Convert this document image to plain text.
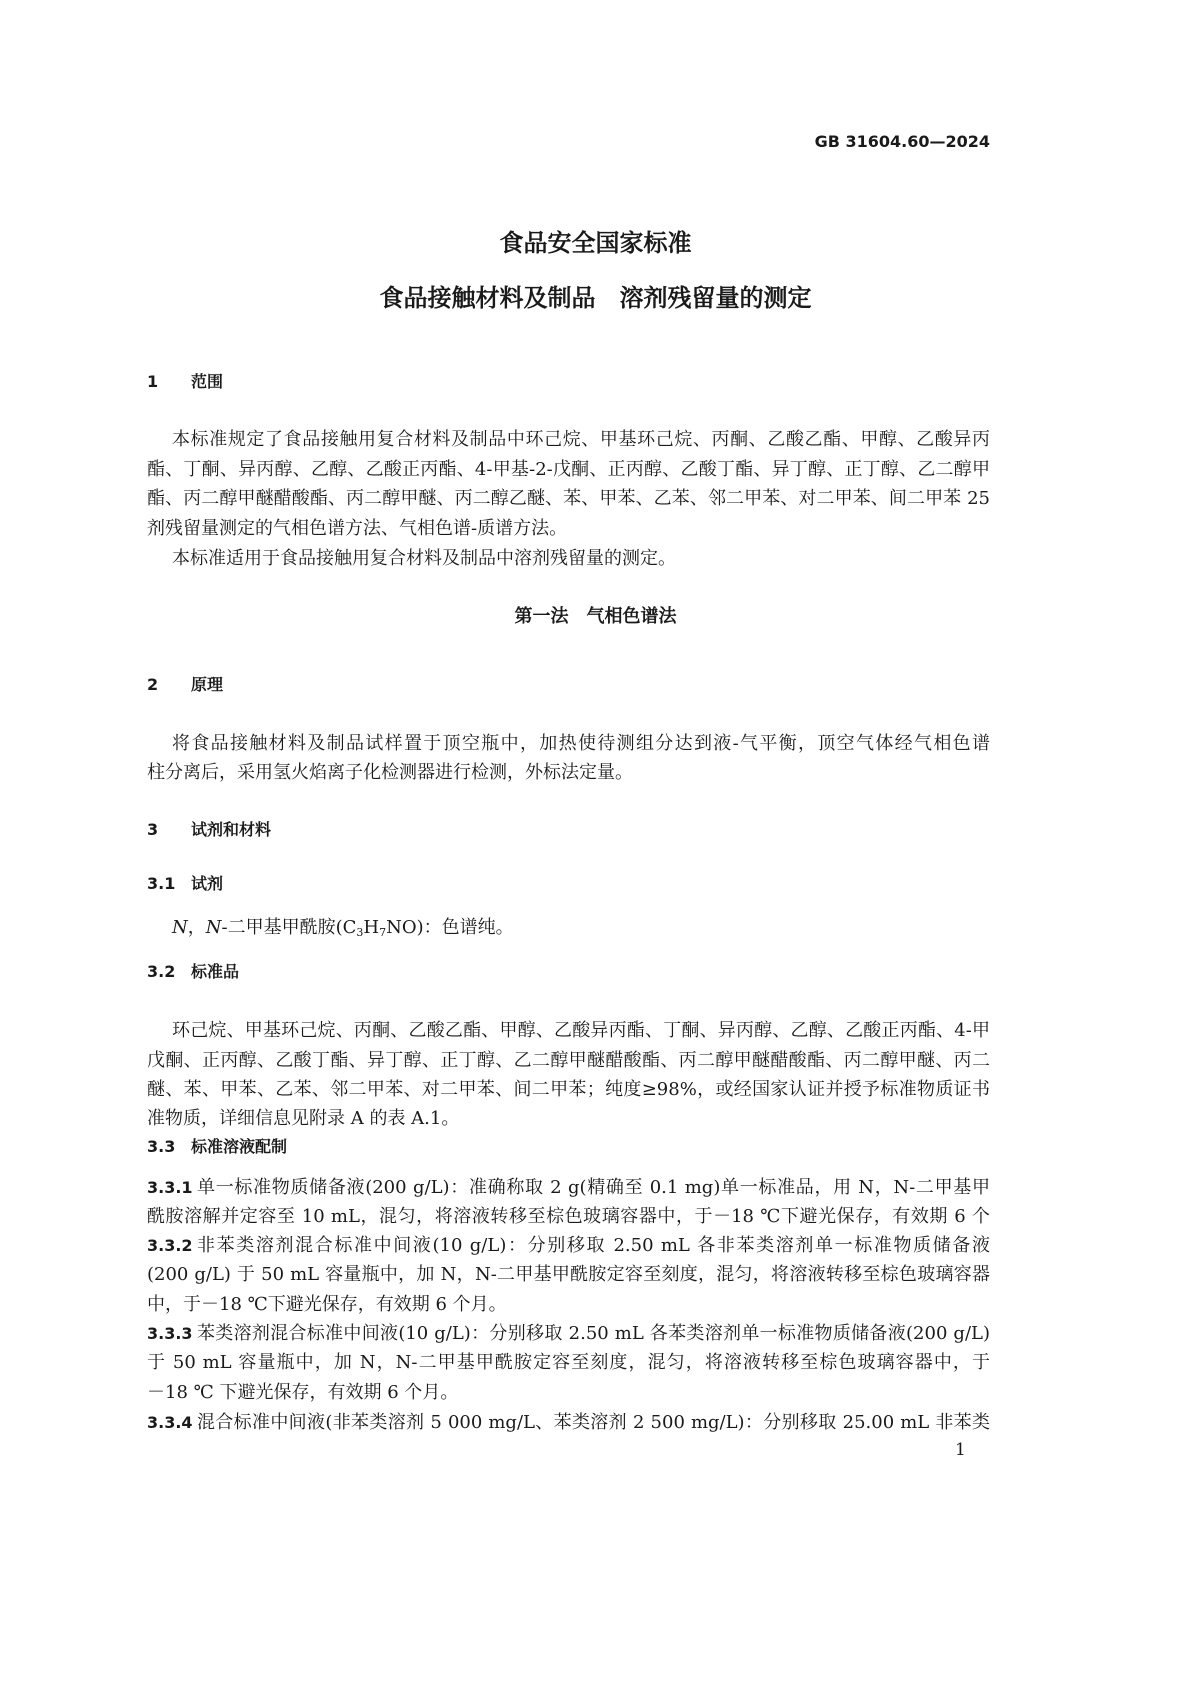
GB 31604.60—2024
食品安全国家标准
食品接触材料及制品　溶剂残留量的测定
1 范围
本标准规定了食品接触用复合材料及制品中环己烷、甲基环己烷、丙酮、乙酸乙酯、甲醇、乙酸异丙
酯、丁酮、异丙醇、乙醇、乙酸正丙酯、4-甲基-2-戊酮、正丙醇、乙酸丁酯、异丁醇、正丁醇、乙二醇甲
酯、丙二醇甲醚醋酸酯、丙二醇甲醚、丙二醇乙醚、苯、甲苯、乙苯、邻二甲苯、对二甲苯、间二甲苯 25
剂残留量测定的气相色谱方法、气相色谱-质谱方法。
本标准适用于食品接触用复合材料及制品中溶剂残留量的测定。
第一法　气相色谱法
2 原理
将食品接触材料及制品试样置于顶空瓶中，加热使待测组分达到液-气平衡，顶空气体经气相色谱
柱分离后，采用氢火焰离子化检测器进行检测，外标法定量。
3 试剂和材料
3.1 试剂
N，N-二甲基甲酰胺$(C_3H_7NO)$：色谱纯。
3.2 标准品
环己烷、甲基环己烷、丙酮、乙酸乙酯、甲醇、乙酸异丙酯、丁酮、异丙醇、乙醇、乙酸正丙酯、4-甲
戊酮、正丙醇、乙酸丁酯、异丁醇、正丁醇、乙二醇甲醚醋酸酯、丙二醇甲醚醋酸酯、丙二醇甲醚、丙二
醚、苯、甲苯、乙苯、邻二甲苯、对二甲苯、间二甲苯；纯度≥98%，或经国家认证并授予标准物质证书
准物质，详细信息见附录 A 的表 A.1。
3.3 标准溶液配制
3.3.1 单一标准物质储备液(200 g/L)：准确称取 2 g(精确至 0.1 mg)单一标准品，用 N，N-二甲基甲
酰胺溶解并定容至 10 mL，混匀，将溶液转移至棕色玻璃容器中，于－18 ℃下避光保存，有效期 6 个
3.3.2 非苯类溶剂混合标准中间液(10 g/L)：分别移取 2.50 mL 各非苯类溶剂单一标准物质储备液
(200 g/L) 于 50 mL 容量瓶中，加 N，N-二甲基甲酰胺定容至刻度，混匀，将溶液转移至棕色玻璃容器
中，于－18 ℃下避光保存，有效期 6 个月。
3.3.3 苯类溶剂混合标准中间液(10 g/L)：分别移取 2.50 mL 各苯类溶剂单一标准物质储备液(200 g/L)
于 50 mL 容量瓶中，加 N，N-二甲基甲酰胺定容至刻度，混匀，将溶液转移至棕色玻璃容器中，于
－18 ℃ 下避光保存，有效期 6 个月。
3.3.4 混合标准中间液(非苯类溶剂 5 000 mg/L、苯类溶剂 2 500 mg/L)：分别移取 25.00 mL 非苯类
1
